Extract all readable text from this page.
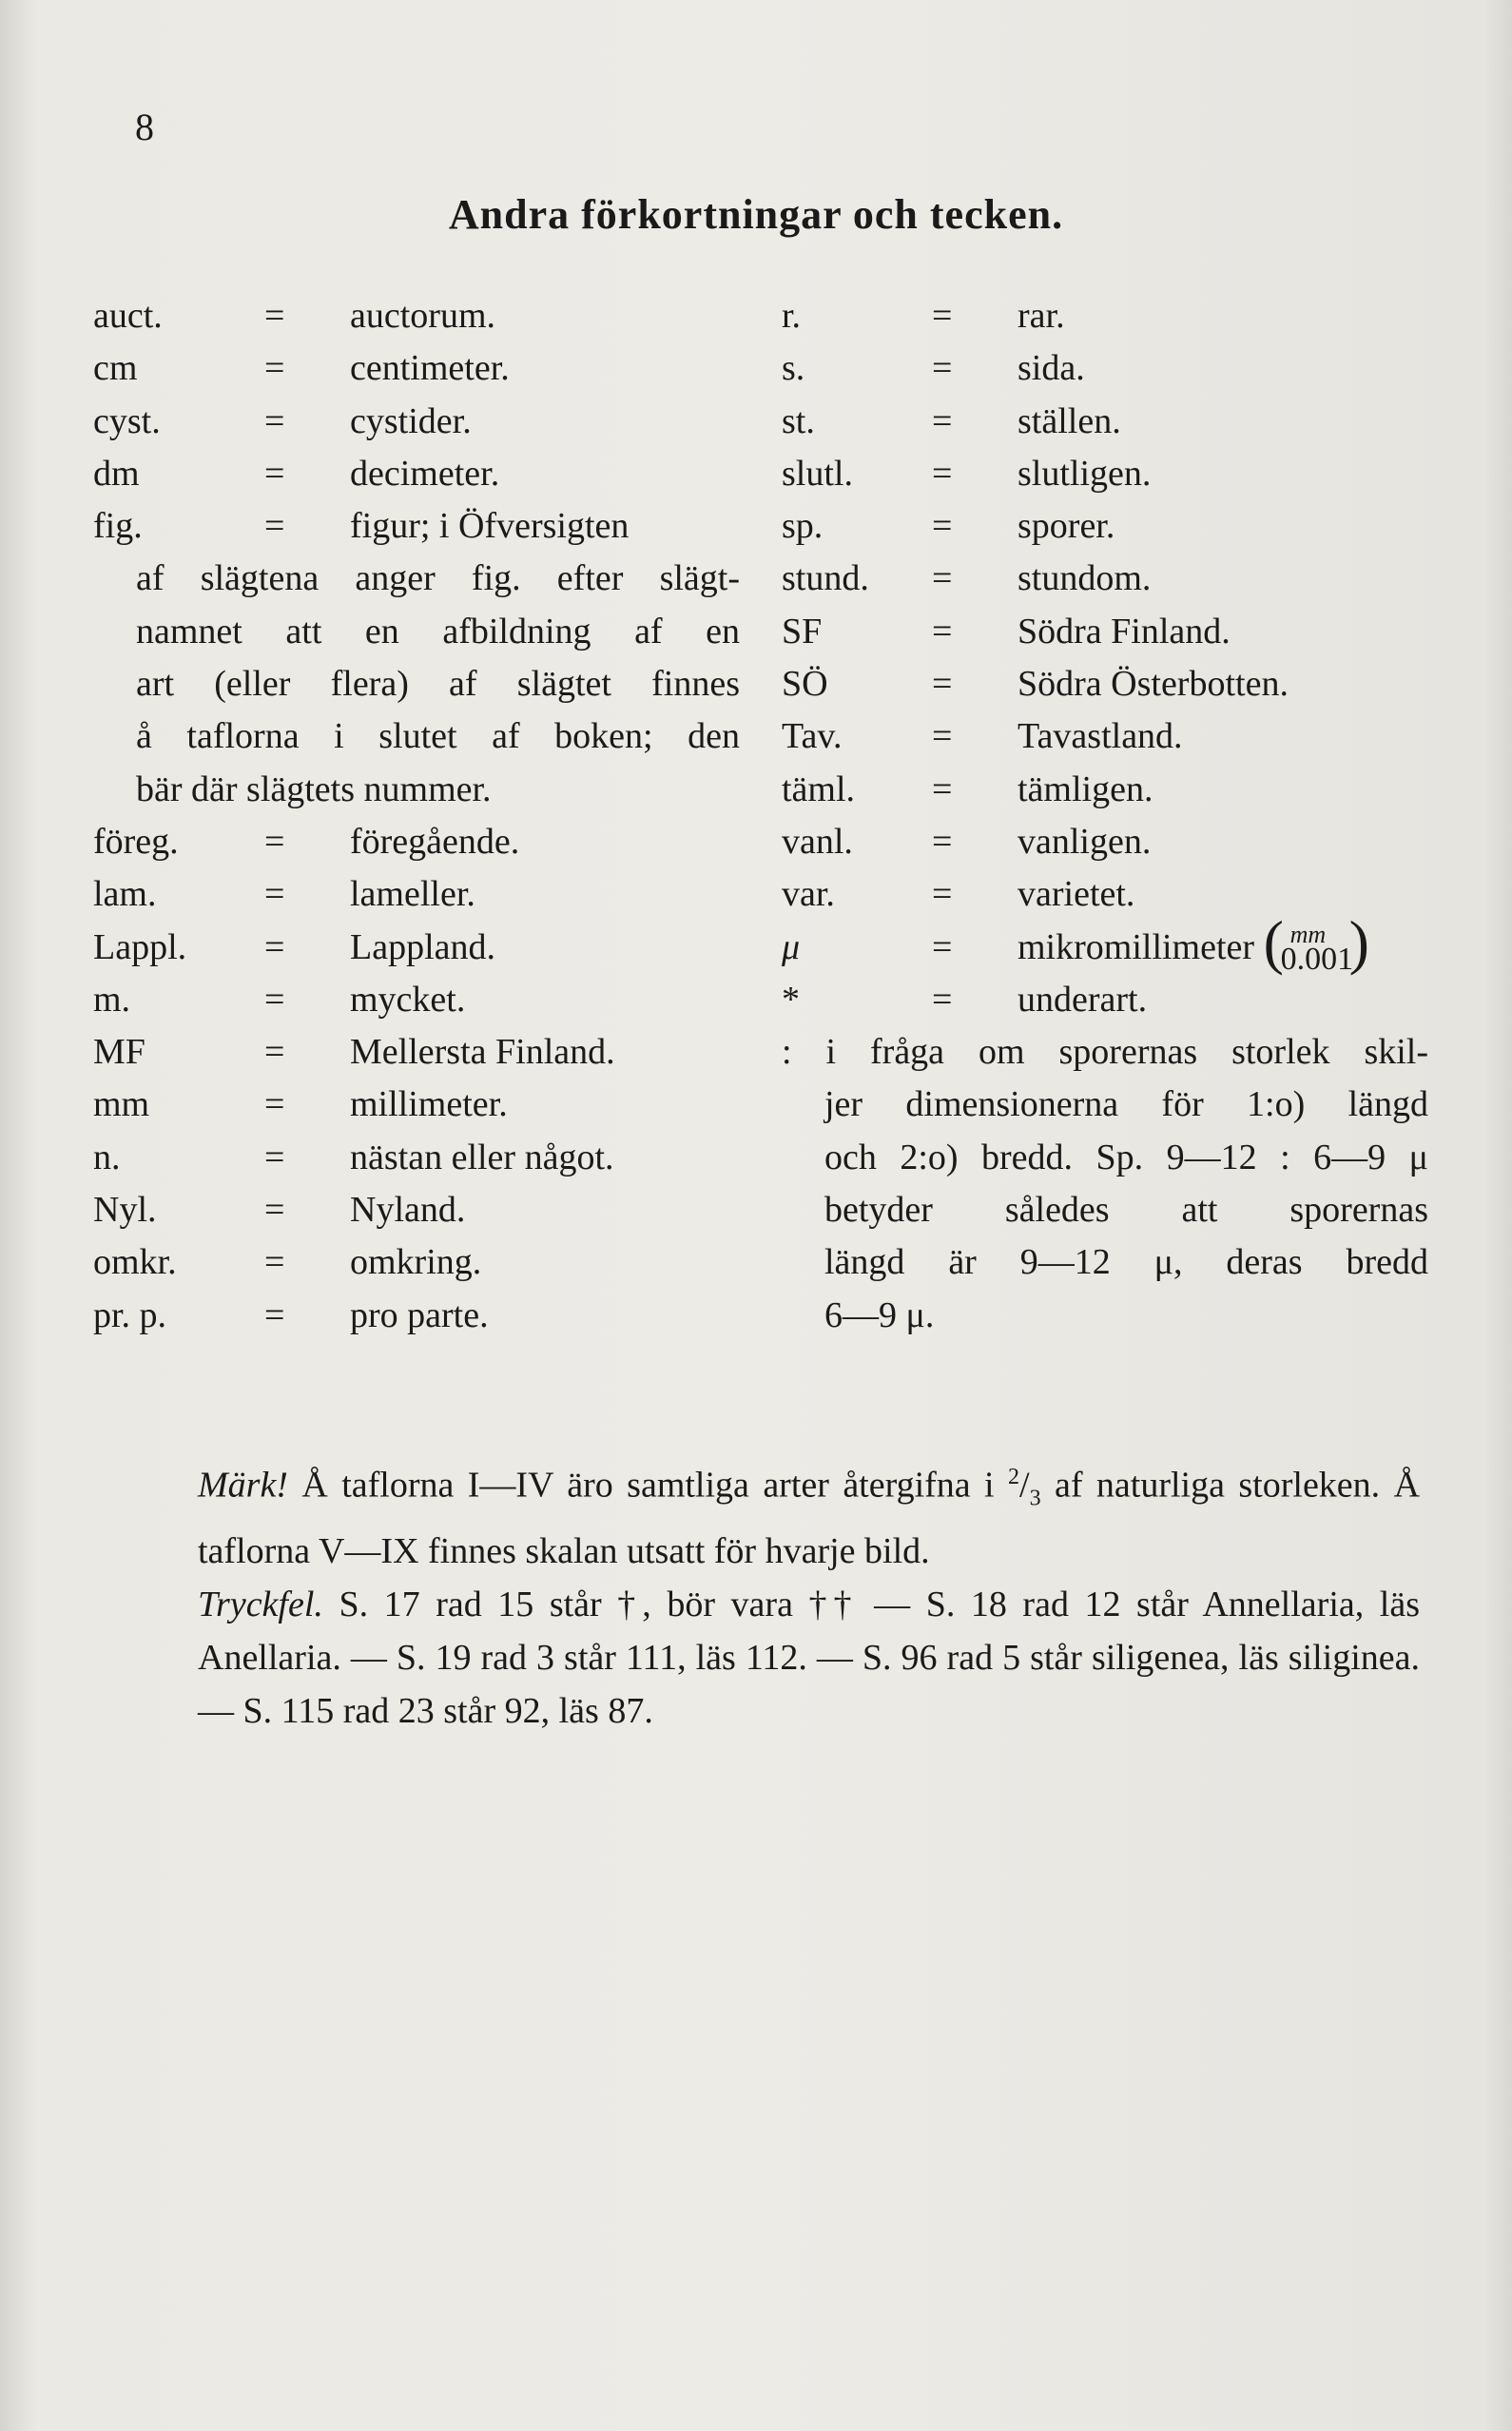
8
Andra förkortningar och tecken.
auct.	= auctorum.
cm	= centimeter.
cyst.	= cystider.
dm	= decimeter.
fig.	= figur; i Öfversigten
af slägtena anger fig. efter slägt-
namnet att en afbildning af en
art (eller flera) af slägtet finnes
å taflorna i slutet af boken; den
bär där slägtets nummer.
föreg. = föregående.
lam.	= lameller.
Lappl. = Lappland.
m.	= mycket.
MF	= Mellersta Finland.
mm	= millimeter.
n.	= nästan eller något.
Nyl.	= Nyland.
omkr. = omkring.
pr. p.	= pro parte.
r.	= rar.
s.	= sida.
st.	= ställen.
slutl. = slutligen.
sp.	= sporer.
stund. = stundom.
SF	= Södra Finland.
SÖ	= Södra Österbotten.
Tav. = Tavastland.
täml. = tämligen.
vanl. = vanligen.
var.	= varietet.
μ	= mikromillimeter ( mm
0.001
)
*	= underart.
: i fråga om sporernas storlek skil-
jer dimensionerna för 1:o) längd
och 2:o) bredd. Sp. 9—12 : 6—9 μ
betyder således att sporernas
längd är 9—12 μ, deras bredd
6—9 μ.

Märk! Å taflorna I—IV äro samtliga arter återgifna i $^2/_3$ af naturliga storleken. Å taflorna V—IX finnes skalan utsatt för hvarje bild.

Tryckfel. S. 17 rad 15 står †, bör vara †† — S. 18 rad 12 står Annellaria, läs Anellaria. — S. 19 rad 3 står 111, läs 112. — S. 96 rad 5 står siligenea, läs siliginea. — S. 115 rad 23 står 92, läs 87.
